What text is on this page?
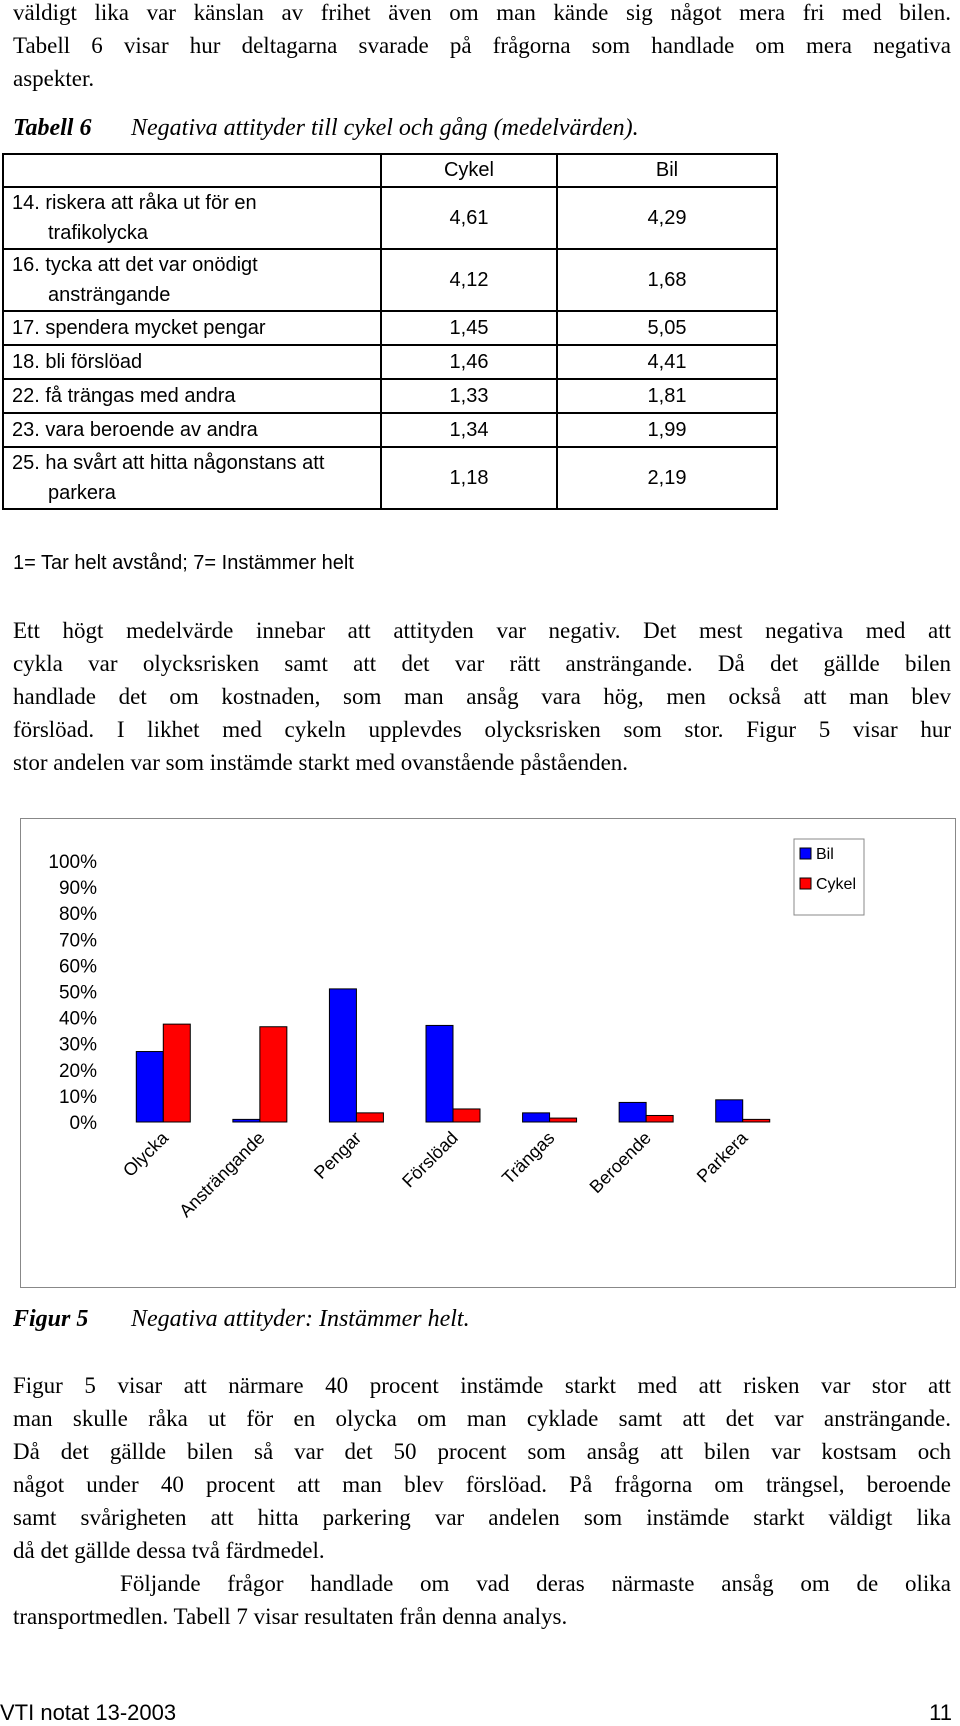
väldigt lika var känslan av frihet även om man kände sig något mera fri med bilen.
Tabell 6 visar hur deltagarna svarade på frågorna som handlade om mera negativa
aspekter.
Tabell 6 Negativa attityder till cykel och gång (medelvärden).
	Cykel	Bil

14. riskera att råka ut för en
trafikolycka	4,61	4,29

16. tycka att det var onödigt
ansträngande	4,12	1,68
17. spendera mycket pengar	1,45	5,05
18. bli förslöad	1,46	4,41
22. få trängas med andra	1,33	1,81
23. vara beroende av andra	1,34	1,99

25. ha svårt att hitta någonstans att
parkera	1,18	2,19
1= Tar helt avstånd; 7= Instämmer helt
Ett högt medelvärde innebar att attityden var negativ. Det mest negativa med att
cykla var olycksrisken samt att det var rätt ansträngande. Då det gällde bilen
handlade det om kostnaden, som man ansåg vara hög, men också att man blev
förslöad. I likhet med cykeln upplevdes olycksrisken som stor. Figur 5 visar hur
stor andelen var som instämde starkt med ovanstående påståenden.
100%
90%
80%
70%
60%
50%
40%
30%
20%
10%
0%
Olycka Ansträngande Pengar Förslöad Trängas Beroende Parkera
Bil
Cykel
Figur 5 Negativa attityder: Instämmer helt.
Figur 5 visar att närmare 40 procent instämde starkt med att risken var stor att
man skulle råka ut för en olycka om man cyklade samt att det var ansträngande.
Då det gällde bilen så var det 50 procent som ansåg att bilen var kostsam och
något under 40 procent att man blev förslöad. På frågorna om trängsel, beroende
samt svårigheten att hitta parkering var andelen som instämde starkt väldigt lika
då det gällde dessa två färdmedel.
Följande frågor handlade om vad deras närmaste ansåg om de olika
transportmedlen. Tabell 7 visar resultaten från denna analys.
VTI notat 13-2003	11
